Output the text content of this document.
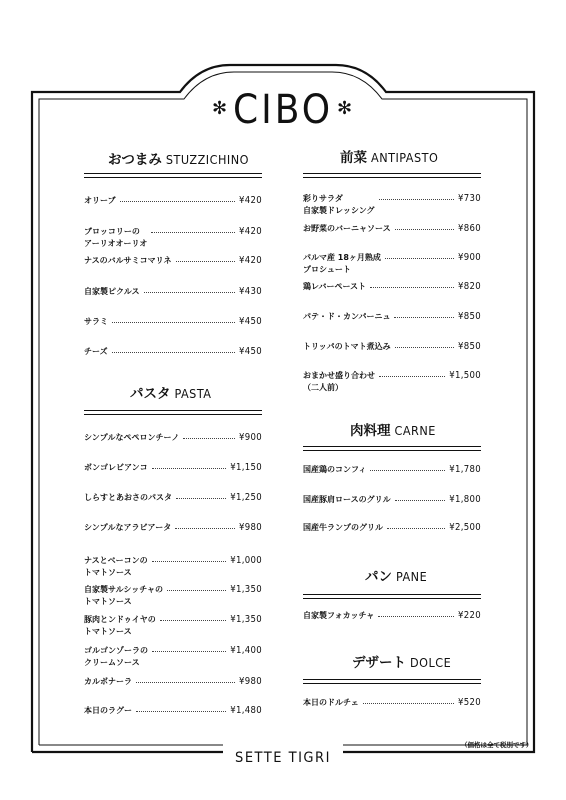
✻ CIBO ✻
おつまみ STUZZICHINO	前菜 ANTIPASTO
パスタ PASTA
肉料理 CARNE
パン PANE
デザート DOLCE
オリーブ	¥420
ブロッコリーの
アーリオオーリオ
¥420
ナスのバルサミコマリネ	¥420
自家製ピクルス	¥430
サラミ	¥450
チーズ	¥450
シンプルなペペロンチーノ	¥900
ボンゴレビアンコ	¥1,150
しらすとあおさのパスタ	¥1,250
シンプルなアラビアータ	¥980
ナスとベーコンの
トマトソース
¥1,000
自家製サルシッチャの
トマトソース
¥1,350
豚肉とンドゥイヤの
トマトソース
¥1,350
ゴルゴンゾーラの
クリームソース
¥1,400
カルボナーラ	¥980
本日のラグー	¥1,480
彩りサラダ
自家製ドレッシング
¥730
お野菜のバーニャソース	¥860
パルマ産 18ヶ月熟成
プロシュート
¥900
鶏レバーペースト	¥820
パテ・ド・カンパーニュ	¥850
トリッパのトマト煮込み	¥850
おまかせ盛り合わせ
（二人前）
¥1,500
国産鶏のコンフィ	¥1,780
国産豚肩ロースのグリル	¥1,800
国産牛ランプのグリル	¥2,500
自家製フォカッチャ	¥220
本日のドルチェ	¥520
SETTE TIGRI
（価格は全て税別です）
